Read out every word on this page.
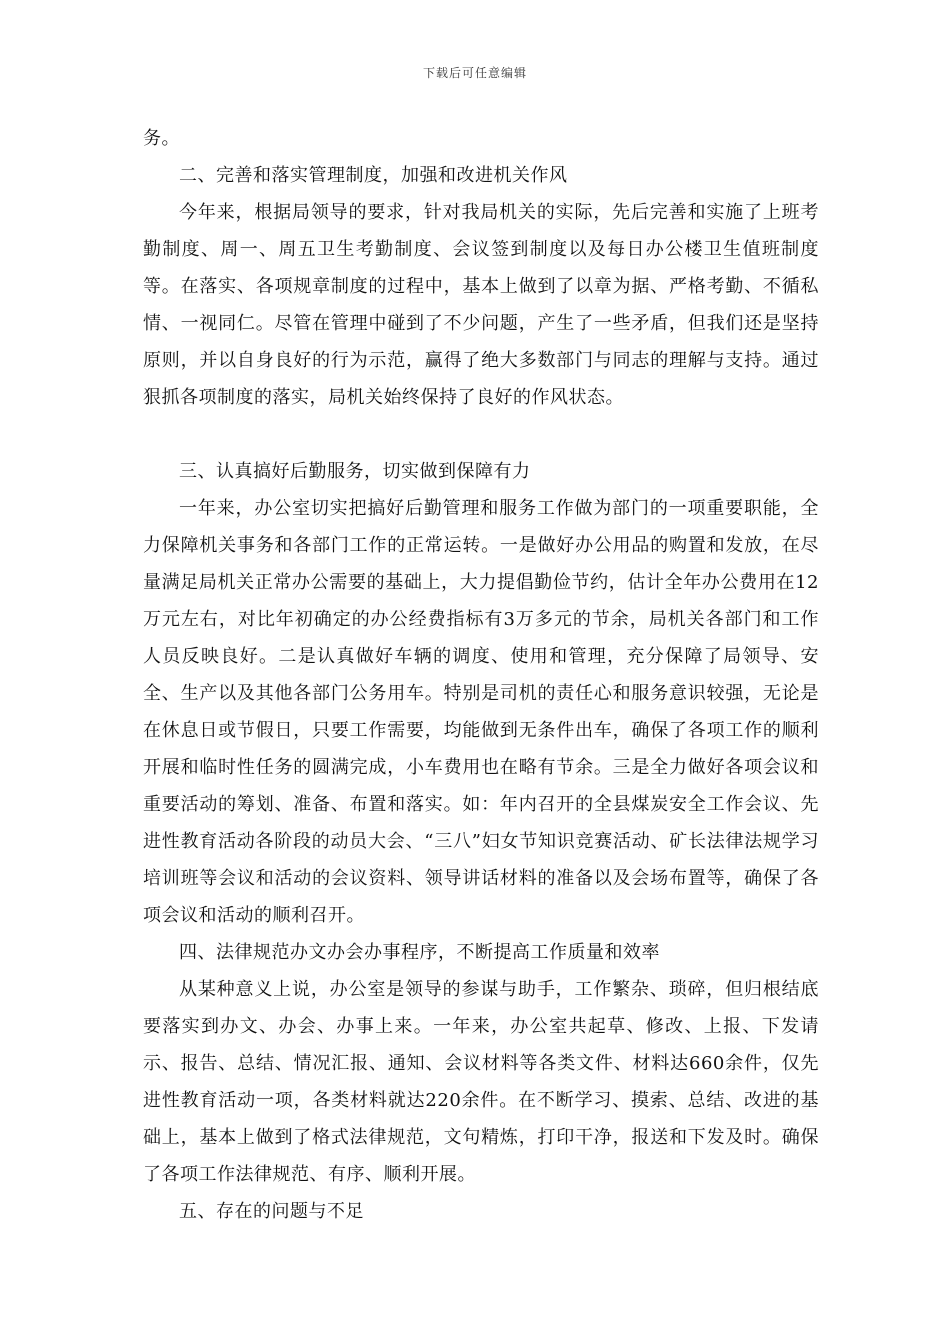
下载后可任意编辑

务。

二、完善和落实管理制度，加强和改进机关作风

今年来，根据局领导的要求，针对我局机关的实际，先后完善和实施了上班考勤制度、周一、周五卫生考勤制度、会议签到制度以及每日办公楼卫生值班制度等。在落实、各项规章制度的过程中，基本上做到了以章为据、严格考勤、不循私情、一视同仁。尽管在管理中碰到了不少问题，产生了一些矛盾，但我们还是坚持原则，并以自身良好的行为示范，赢得了绝大多数部门与同志的理解与支持。通过狠抓各项制度的落实，局机关始终保持了良好的作风状态。

三、认真搞好后勤服务，切实做到保障有力

一年来，办公室切实把搞好后勤管理和服务工作做为部门的一项重要职能，全力保障机关事务和各部门工作的正常运转。一是做好办公用品的购置和发放，在尽量满足局机关正常办公需要的基础上，大力提倡勤俭节约，估计全年办公费用在12万元左右，对比年初确定的办公经费指标有3万多元的节余，局机关各部门和工作人员反映良好。二是认真做好车辆的调度、使用和管理，充分保障了局领导、安全、生产以及其他各部门公务用车。特别是司机的责任心和服务意识较强，无论是在休息日或节假日，只要工作需要，均能做到无条件出车，确保了各项工作的顺利开展和临时性任务的圆满完成，小车费用也在略有节余。三是全力做好各项会议和重要活动的筹划、准备、布置和落实。如：年内召开的全县煤炭安全工作会议、先进性教育活动各阶段的动员大会、“三八”妇女节知识竞赛活动、矿长法律法规学习培训班等会议和活动的会议资料、领导讲话材料的准备以及会场布置等，确保了各项会议和活动的顺利召开。

四、法律规范办文办会办事程序，不断提高工作质量和效率

从某种意义上说，办公室是领导的参谋与助手，工作繁杂、琐碎，但归根结底要落实到办文、办会、办事上来。一年来，办公室共起草、修改、上报、下发请示、报告、总结、情况汇报、通知、会议材料等各类文件、材料达660余件，仅先进性教育活动一项，各类材料就达220余件。在不断学习、摸索、总结、改进的基础上，基本上做到了格式法律规范，文句精炼，打印干净，报送和下发及时。确保了各项工作法律规范、有序、顺利开展。

五、存在的问题与不足
